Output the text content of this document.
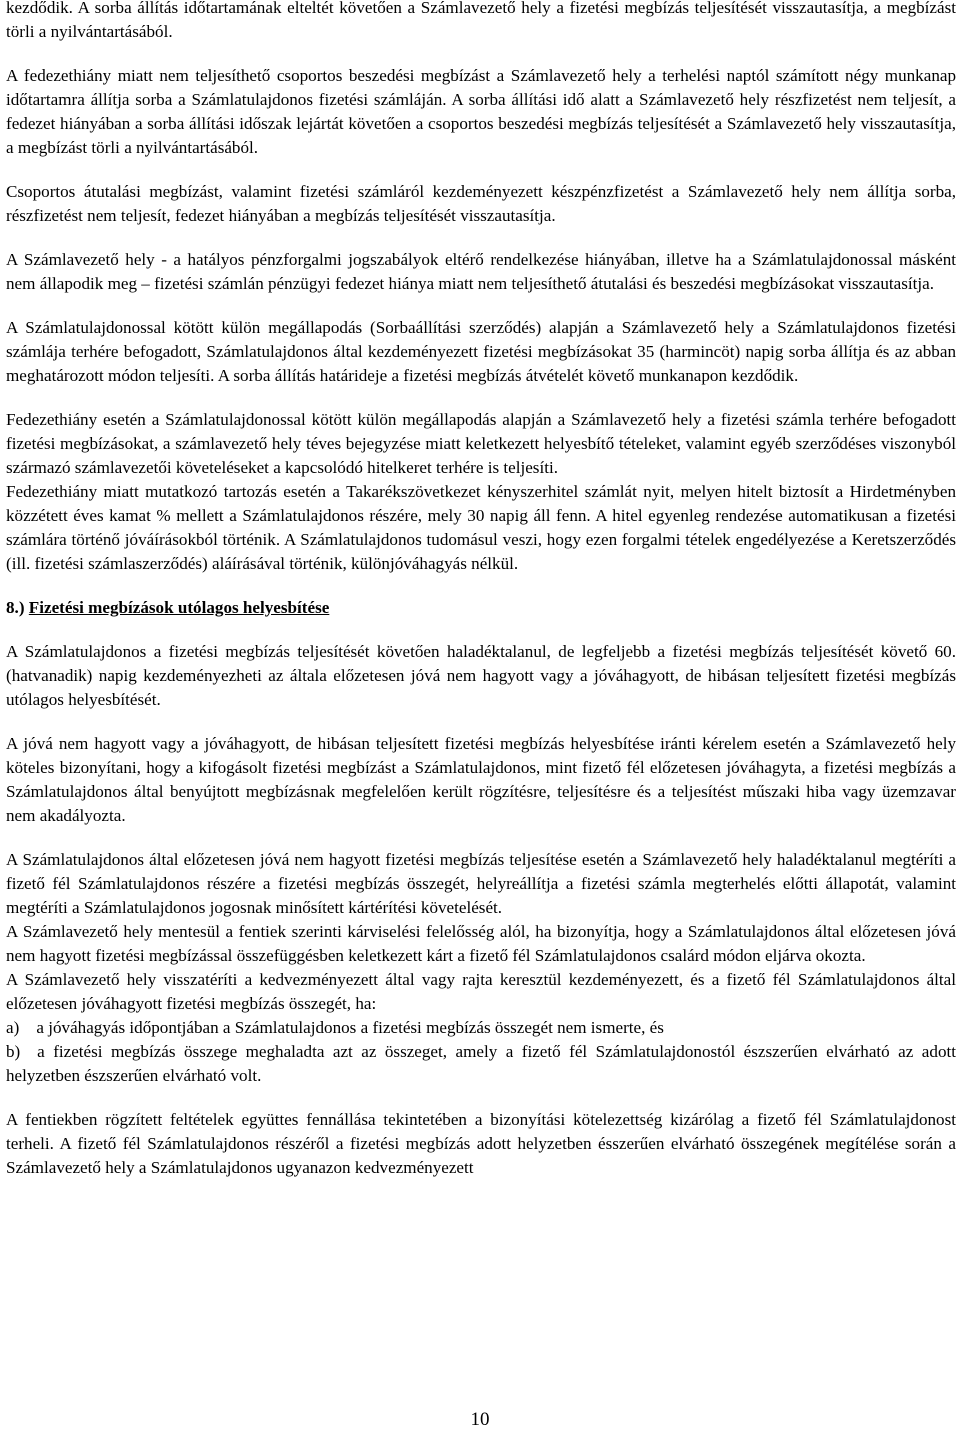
kezdődik. A sorba állítás időtartamának elteltét követően a Számlavezető hely a fizetési megbízás teljesítését visszautasítja, a megbízást törli a nyilvántartásából.

A fedezethiány miatt nem teljesíthető csoportos beszedési megbízást a Számlavezető hely a terhelési naptól számított négy munkanap időtartamra állítja sorba a Számlatulajdonos fizetési számláján. A sorba állítási idő alatt a Számlavezető hely részfizetést nem teljesít, a fedezet hiányában a sorba állítási időszak lejártát követően a csoportos beszedési megbízás teljesítését a Számlavezető hely visszautasítja, a megbízást törli a nyilvántartásából.

Csoportos átutalási megbízást, valamint fizetési számláról kezdeményezett készpénzfizetést a Számlavezető hely nem állítja sorba, részfizetést nem teljesít, fedezet hiányában a megbízás teljesítését visszautasítja.

A Számlavezető hely - a hatályos pénzforgalmi jogszabályok eltérő rendelkezése hiányában, illetve ha a Számlatulajdonossal másként nem állapodik meg – fizetési számlán pénzügyi fedezet hiánya miatt nem teljesíthető átutalási és beszedési megbízásokat visszautasítja.

A Számlatulajdonossal kötött külön megállapodás (Sorbaállítási szerződés) alapján a Számlavezető hely a Számlatulajdonos fizetési számlája terhére befogadott, Számlatulajdonos által kezdeményezett fizetési megbízásokat 35 (harmincöt) napig sorba állítja és az abban meghatározott módon teljesíti. A sorba állítás határideje a fizetési megbízás átvételét követő munkanapon kezdődik.

Fedezethiány esetén a Számlatulajdonossal kötött külön megállapodás alapján a Számlavezető hely a fizetési számla terhére befogadott fizetési megbízásokat, a számlavezető hely téves bejegyzése miatt keletkezett helyesbítő tételeket, valamint egyéb szerződéses viszonyból származó számlavezetői követeléseket a kapcsolódó hitelkeret terhére is teljesíti.

Fedezethiány miatt mutatkozó tartozás esetén a Takarékszövetkezet kényszerhitel számlát nyit, melyen hitelt biztosít a Hirdetményben közzétett éves kamat % mellett a Számlatulajdonos részére, mely 30 napig áll fenn. A hitel egyenleg rendezése automatikusan a fizetési számlára történő jóváírásokból történik. A Számlatulajdonos tudomásul veszi, hogy ezen forgalmi tételek engedélyezése a Keretszerződés (ill. fizetési számlaszerződés) aláírásával történik, különjóváhagyás nélkül.

8.) Fizetési megbízások utólagos helyesbítése

A Számlatulajdonos a fizetési megbízás teljesítését követően haladéktalanul, de legfeljebb a fizetési megbízás teljesítését követő 60. (hatvanadik) napig kezdeményezheti az általa előzetesen jóvá nem hagyott vagy a jóváhagyott, de hibásan teljesített fizetési megbízás utólagos helyesbítését.

A jóvá nem hagyott vagy a jóváhagyott, de hibásan teljesített fizetési megbízás helyesbítése iránti kérelem esetén a Számlavezető hely köteles bizonyítani, hogy a kifogásolt fizetési megbízást a Számlatulajdonos, mint fizető fél előzetesen jóváhagyta, a fizetési megbízás a Számlatulajdonos által benyújtott megbízásnak megfelelően került rögzítésre, teljesítésre és a teljesítést műszaki hiba vagy üzemzavar nem akadályozta.

A Számlatulajdonos által előzetesen jóvá nem hagyott fizetési megbízás teljesítése esetén a Számlavezető hely haladéktalanul megtéríti a fizető fél Számlatulajdonos részére a fizetési megbízás összegét, helyreállítja a fizetési számla megterhelés előtti állapotát, valamint megtéríti a Számlatulajdonos jogosnak minősített kártérítési követelését.

A Számlavezető hely mentesül a fentiek szerinti kárviselési felelősség alól, ha bizonyítja, hogy a Számlatulajdonos által előzetesen jóvá nem hagyott fizetési megbízással összefüggésben keletkezett kárt a fizető fél Számlatulajdonos csalárd módon eljárva okozta.

A Számlavezető hely visszatéríti a kedvezményezett által vagy rajta keresztül kezdeményezett, és a fizető fél Számlatulajdonos által előzetesen jóváhagyott fizetési megbízás összegét, ha:

a)    a jóváhagyás időpontjában a Számlatulajdonos a fizetési megbízás összegét nem ismerte, és

b)  a fizetési megbízás összege meghaladta azt az összeget, amely a fizető fél Számlatulajdonostól észszerűen elvárható az adott helyzetben észszerűen elvárható volt.

A fentiekben rögzített feltételek együttes fennállása tekintetében a bizonyítási kötelezettség kizárólag a fizető fél Számlatulajdonost terheli. A fizető fél Számlatulajdonos részéről a fizetési megbízás adott helyzetben ésszerűen elvárható összegének megítélése során a Számlavezető hely a Számlatulajdonos ugyanazon kedvezményezett

10
